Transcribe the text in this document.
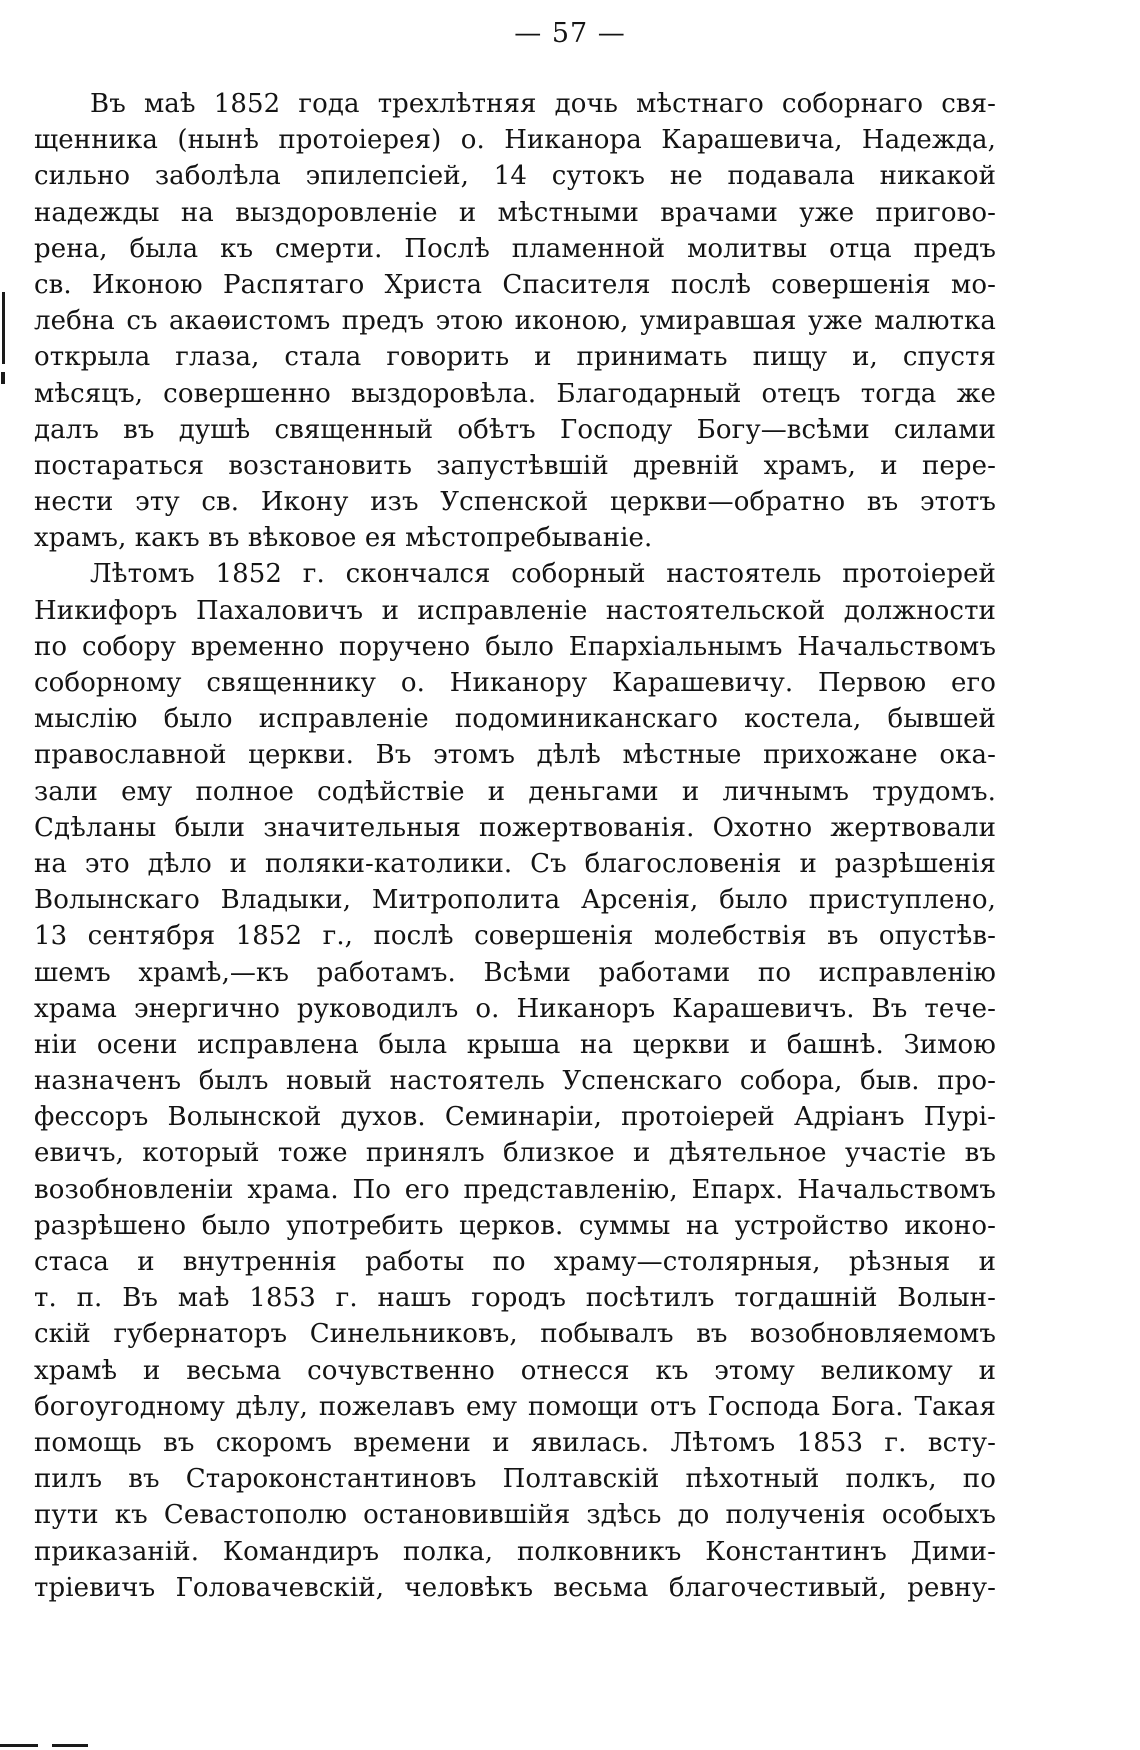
— 57 —
Въ маѣ 1852 года трехлѣтняя дочь мѣстнаго соборнаго свя-
щенника (нынѣ протоіерея) о. Никанора Карашевича, Надежда,
сильно заболѣла эпилепсіей, 14 сутокъ не подавала никакой
надежды на выздоровленіе и мѣстными врачами уже пригово-
рена, была къ смерти. Послѣ пламенной молитвы отца предъ
св. Иконою Распятаго Христа Спасителя послѣ совершенія мо-
лебна съ акаѳистомъ предъ этою иконою, умиравшая уже малютка
открыла глаза, стала говорить и принимать пищу и, спустя
мѣсяцъ, совершенно выздоровѣла. Благодарный отецъ тогда же
далъ въ душѣ священный обѣтъ Господу Богу—всѣми силами
постараться возстановить запустѣвшій древній храмъ, и пере-
нести эту св. Икону изъ Успенской церкви—обратно въ этотъ
храмъ, какъ въ вѣковое ея мѣстопребываніе.
Лѣтомъ 1852 г. скончался соборный настоятель протоіерей
Никифоръ Пахаловичъ и исправленіе настоятельской должности
по собору временно поручено было Епархіальнымъ Начальствомъ
соборному священнику о. Никанору Карашевичу. Первою его
мыслію было исправленіе подоминиканскаго костела, бывшей
православной церкви. Въ этомъ дѣлѣ мѣстные прихожане ока-
зали ему полное содѣйствіе и деньгами и личнымъ трудомъ.
Сдѣланы были значительныя пожертвованія. Охотно жертвовали
на это дѣло и поляки-католики. Съ благословенія и разрѣшенія
Волынскаго Владыки, Митрополита Арсенія, было приступлено,
13 сентября 1852 г., послѣ совершенія молебствія въ опустѣв-
шемъ храмѣ,—къ работамъ. Всѣми работами по исправленію
храма энергично руководилъ о. Никаноръ Карашевичъ. Въ тече-
ніи осени исправлена была крыша на церкви и башнѣ. Зимою
назначенъ былъ новый настоятель Успенскаго собора, быв. про-
фессоръ Волынской духов. Семинаріи, протоіерей Адріанъ Пурі-
евичъ, который тоже принялъ близкое и дѣятельное участіе въ
возобновленіи храма. По его представленію, Епарх. Начальствомъ
разрѣшено было употребить церков. суммы на устройство иконо-
стаса и внутреннія работы по храму—столярныя, рѣзныя и
т. п. Въ маѣ 1853 г. нашъ городъ посѣтилъ тогдашній Волын-
скій губернаторъ Синельниковъ, побывалъ въ возобновляемомъ
храмѣ и весьма сочувственно отнесся къ этому великому и
богоугодному дѣлу, пожелавъ ему помощи отъ Господа Бога. Такая
помощь въ скоромъ времени и явилась. Лѣтомъ 1853 г. всту-
пилъ въ Староконстантиновъ Полтавскій пѣхотный полкъ, по
пути къ Севастополю остановившійя здѣсь до полученія особыхъ
приказаній. Командиръ полка, полковникъ Константинъ Дими-
тріевичъ Головачевскій, человѣкъ весьма благочестивый, ревну-
